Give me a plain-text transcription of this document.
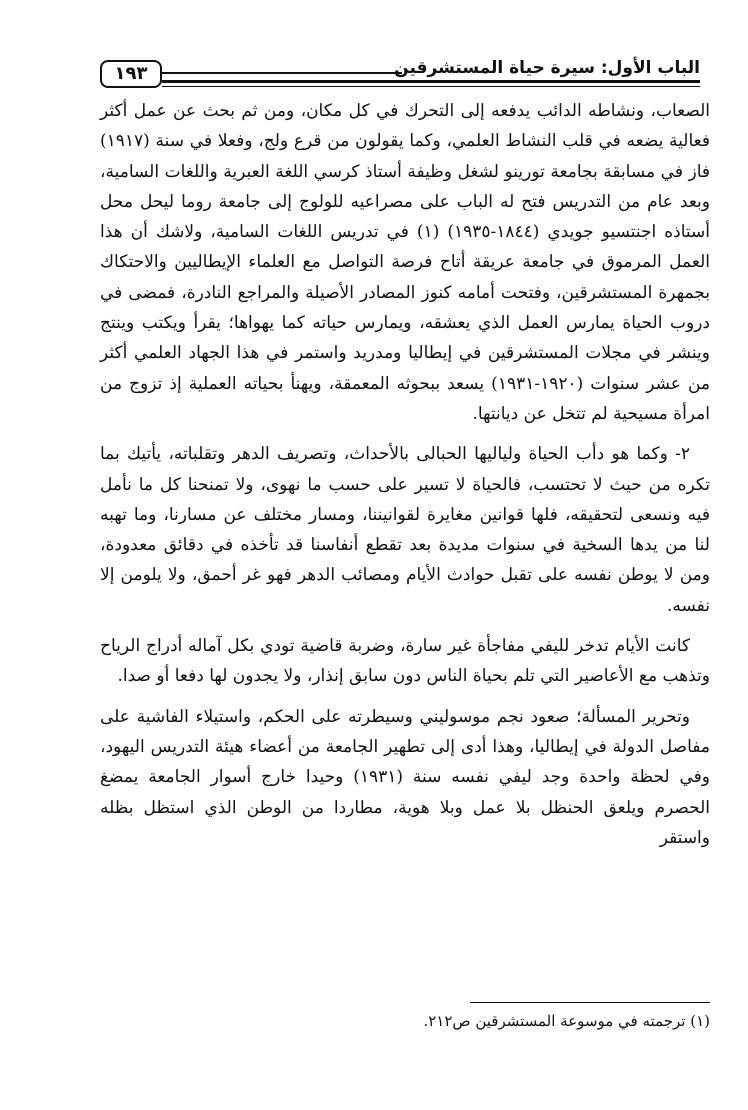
١٩٣	الباب الأول: سيرة حياة المستشرقين

الصعاب، ونشاطه الدائب يدفعه إلى التحرك في كل مكان، ومن ثم بحث عن عمل أكثر فعالية يضعه في قلب النشاط العلمي، وكما يقولون من قرع ولج، وفعلا في سنة (١٩١٧) فاز في مسابقة بجامعة تورينو لشغل وظيفة أستاذ كرسي اللغة العبرية واللغات السامية، وبعد عام من التدريس فتح له الباب على مصراعيه للولوج إلى جامعة روما ليحل محل أستاذه اجنتسيو جويدي (١٨٤٤-١٩٣٥) (١) في تدريس اللغات السامية، ولاشك أن هذا العمل المرموق في جامعة عريقة أتاح فرصة التواصل مع العلماء الإيطاليين والاحتكاك بجمهرة المستشرقين، وفتحت أمامه كنوز المصادر الأصيلة والمراجع النادرة، فمضى في دروب الحياة يمارس العمل الذي يعشقه، ويمارس حياته كما يهواها؛ يقرأ ويكتب وينتج وينشر في مجلات المستشرقين في إيطاليا ومدريد واستمر في هذا الجهاد العلمي أكثر من عشر سنوات (١٩٢٠-١٩٣١) يسعد ببحوثه المعمقة، ويهنأ بحياته العملية إذ تزوج من امرأة مسيحية لم تتخل عن ديانتها.

٢- وكما هو دأب الحياة ولياليها الحبالى بالأحداث، وتصريف الدهر وتقلباته، يأتيك بما تكره من حيث لا تحتسب، فالحياة لا تسير على حسب ما نهوى، ولا تمنحنا كل ما نأمل فيه ونسعى لتحقيقه، فلها قوانين مغايرة لقوانيننا، ومسار مختلف عن مسارنا، وما تهبه لنا من يدها السخية في سنوات مديدة بعد تقطع أنفاسنا قد تأخذه في دقائق معدودة، ومن لا يوطن نفسه على تقبل حوادث الأيام ومصائب الدهر فهو غر أحمق، ولا يلومن إلا نفسه.

كانت الأيام تدخر لليفي مفاجأة غير سارة، وضربة قاضية تودي بكل آماله أدراج الرياح وتذهب مع الأعاصير التي تلم بحياة الناس دون سابق إنذار، ولا يجدون لها دفعا أو صدا.

وتحرير المسألة؛ صعود نجم موسوليني وسيطرته على الحكم، واستيلاء الفاشية على مفاصل الدولة في إيطاليا، وهذا أدى إلى تطهير الجامعة من أعضاء هيئة التدريس اليهود، وفي لحظة واحدة وجد ليفي نفسه سنة (١٩٣١) وحيدا خارج أسوار الجامعة يمضغ الحصرم ويلعق الحنظل بلا عمل وبلا هوية، مطاردا من الوطن الذي استظل بظله واستقر

(١) ترجمته في موسوعة المستشرقين ص٢١٢.
